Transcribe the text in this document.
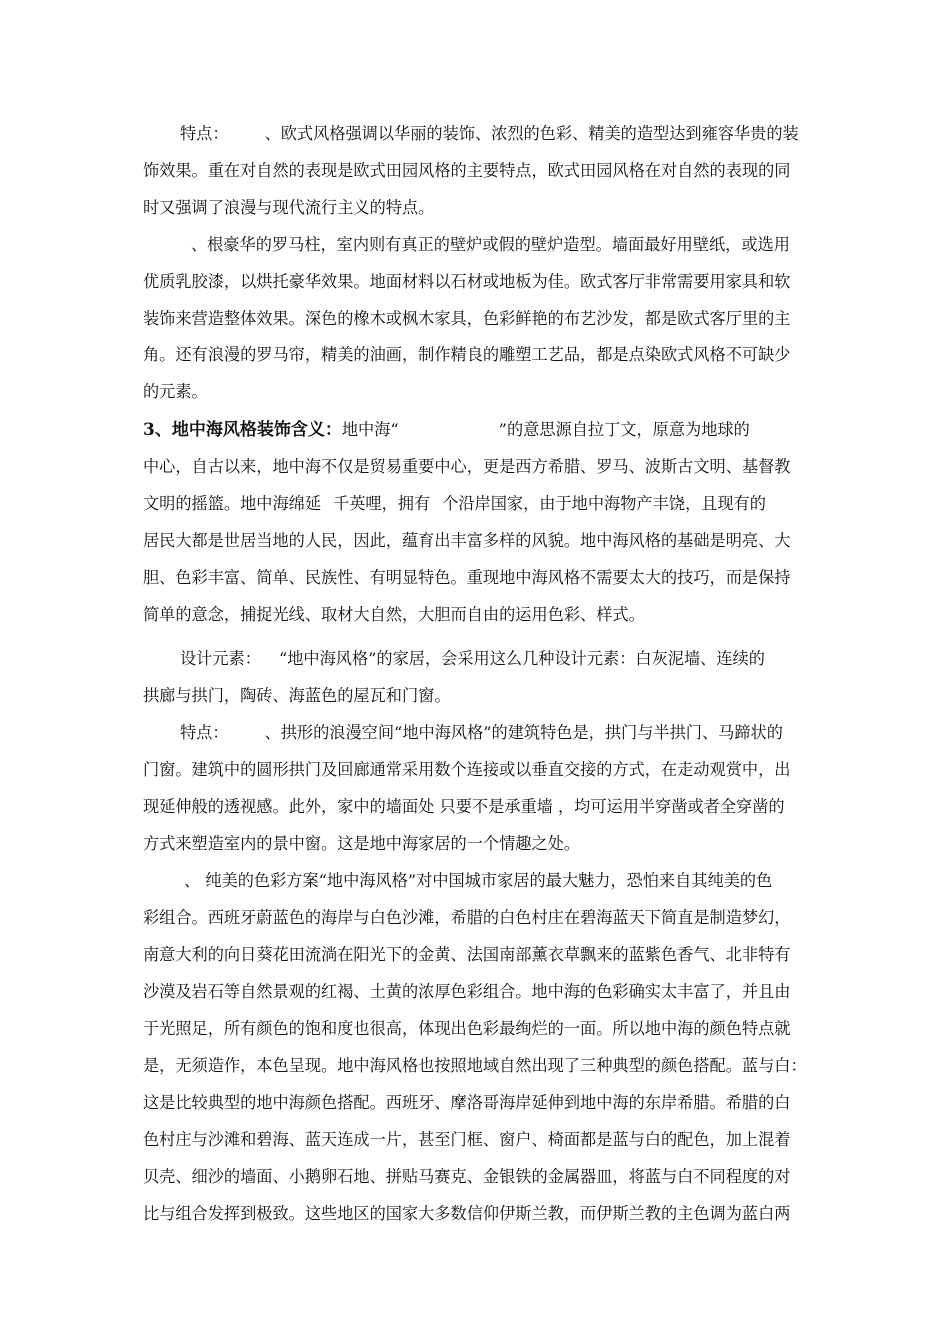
特点： 、欧式风格强调以华丽的装饰、浓烈的色彩、精美的造型达到雍容华贵的装
饰效果。重在对自然的表现是欧式田园风格的主要特点，欧式田园风格在对自然的表现的同
时又强调了浪漫与现代流行主义的特点。
、根豪华的罗马柱，室内则有真正的壁炉或假的壁炉造型。墙面最好用壁纸，或选用
优质乳胶漆，以烘托豪华效果。地面材料以石材或地板为佳。欧式客厅非常需要用家具和软
装饰来营造整体效果。深色的橡木或枫木家具，色彩鲜艳的布艺沙发，都是欧式客厅里的主
角。还有浪漫的罗马帘，精美的油画，制作精良的雕塑工艺品，都是点染欧式风格不可缺少
的元素。
3、地中海风格装饰含义：地中海“	”的意思源自拉丁文，原意为地球的
中心，自古以来，地中海不仅是贸易重要中心，更是西方希腊、罗马、波斯古文明、基督教
文明的摇篮。地中海绵延 千英哩，拥有 个沿岸国家，由于地中海物产丰饶，且现有的
居民大都是世居当地的人民，因此，蕴育出丰富多样的风貌。地中海风格的基础是明亮、大
胆、色彩丰富、简单、民族性、有明显特色。重现地中海风格不需要太大的技巧，而是保持
简单的意念，捕捉光线、取材大自然，大胆而自由的运用色彩、样式。
设计元素： “地中海风格”的家居，会采用这么几种设计元素：白灰泥墙、连续的
拱廊与拱门，陶砖、海蓝色的屋瓦和门窗。
特点： 、拱形的浪漫空间“地中海风格”的建筑特色是，拱门与半拱门、马蹄状的
门窗。建筑中的圆形拱门及回廊通常采用数个连接或以垂直交接的方式，在走动观赏中，出
现延伸般的透视感。此外，家中的墙面处 只要不是承重墙 ，均可运用半穿凿或者全穿凿的
方式来塑造室内的景中窗。这是地中海家居的一个情趣之处。
、 纯美的色彩方案“地中海风格”对中国城市家居的最大魅力，恐怕来自其纯美的色
彩组合。西班牙蔚蓝色的海岸与白色沙滩，希腊的白色村庄在碧海蓝天下简直是制造梦幻，
南意大利的向日葵花田流淌在阳光下的金黄、法国南部薰衣草飘来的蓝紫色香气、北非特有
沙漠及岩石等自然景观的红褐、土黄的浓厚色彩组合。地中海的色彩确实太丰富了，并且由
于光照足，所有颜色的饱和度也很高，体现出色彩最绚烂的一面。所以地中海的颜色特点就
是，无须造作，本色呈现。地中海风格也按照地域自然出现了三种典型的颜色搭配。蓝与白：
这是比较典型的地中海颜色搭配。西班牙、摩洛哥海岸延伸到地中海的东岸希腊。希腊的白
色村庄与沙滩和碧海、蓝天连成一片，甚至门框、窗户、椅面都是蓝与白的配色，加上混着
贝壳、细沙的墙面、小鹅卵石地、拼贴马赛克、金银铁的金属器皿，将蓝与白不同程度的对
比与组合发挥到极致。这些地区的国家大多数信仰伊斯兰教，而伊斯兰教的主色调为蓝白两
